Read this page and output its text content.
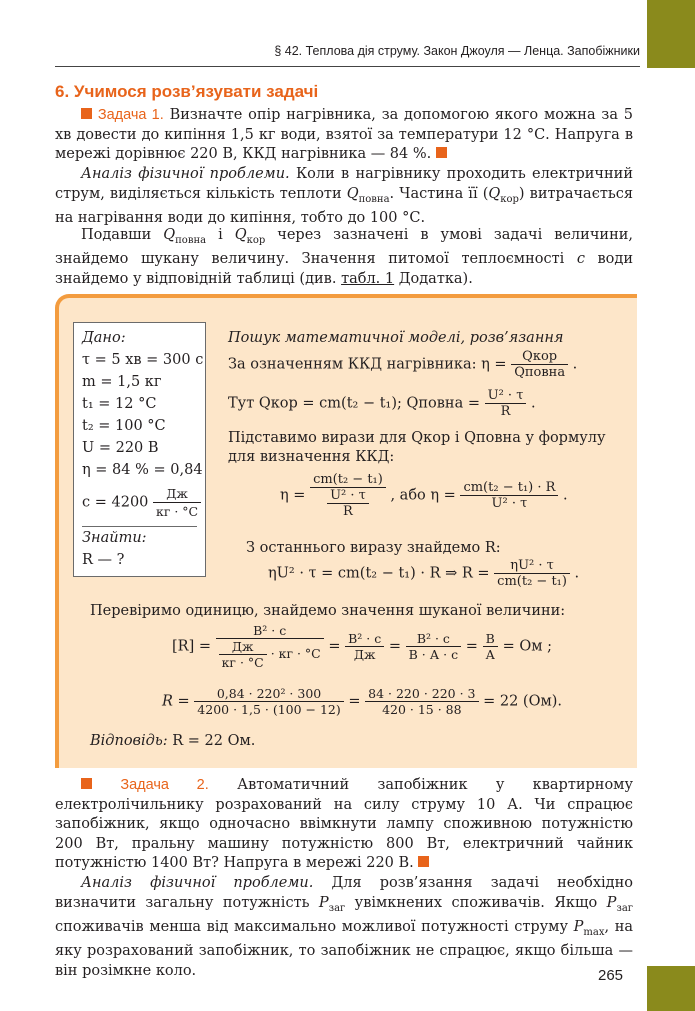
§ 42. Теплова дія струму. Закон Джоуля — Ленца. Запобіжники
6. Учимося розв’язувати задачі
Задача 1. Визначте опір нагрівника, за допомогою якого можна за 5 хв довести до кипіння 1,5 кг води, взятої за температури 12 °С. Напруга в мережі дорівнює 220 В, ККД нагрівника — 84 %.
Аналіз фізичної проблеми. Коли в нагрівнику проходить електричний струм, виділяється кількість теплоти $Q_{повна}$. Частина її $(Q_{кор})$ витрачається на нагрівання води до кипіння, тобто до 100 °С.
Подавши $Q_{повна}$ і $Q_{кор}$ через зазначені в умові задачі величини, знайдемо шукану величину. Значення питомої теплоємності c води знайдемо у відповідній таблиці (див. табл. 1 Додатка).
Дано:
τ = 5 хв = 300 с
m = 1,5 кг
t₁ = 12 °С
t₂ = 100 °С
U = 220 В
η = 84 % = 0,84
$c = 4200 \frac{Дж}{кг \cdot ^\circ С}$
Знайти:
R — ?
Пошук математичної моделі, розв’язання
За означенням ККД нагрівника: $\eta = \frac{\text{Qкор}}{\text{Qповна}}$ .
Тут Qкор = cm(t₂ − t₁); Qповна = $\frac{\text{U² · τ}}{R}$ .
Підставимо вирази для Qкор і Qповна у формулу
для визначення ККД:
$\eta = \frac{\text{cm(t₂ − t₁)}}{\frac{\text{U² · τ}}{R}}$ , або $\eta = \frac{\text{cm(t₂ − t₁) · R}}{\text{U² · τ}}$ .
З останнього виразу знайдемо R:
ηU² · τ = cm(t₂ − t₁) · R ⇒ $R = \frac{\text{ηU² · τ}}{\text{cm(t₂ − t₁)}}$ .
Перевіримо одиницю, знайдемо значення шуканої величини:
$[R] = \frac{\text{В² · с}}{\frac{Дж}{кг \cdot ^\circ С} \cdot кг \cdot ^\circ С} = \frac{\text{В² · с}}{Дж} = \frac{\text{В² · с}}{В \cdot А \cdot с} = \frac{В}{А}$ = Ом ;
$R = \frac{\text{0,84 · 220² · 300}}{4200 \cdot 1,5 \cdot (100 - 12)} = \frac{84 \cdot 220 \cdot 220 \cdot 3}{420 \cdot 15 \cdot 88} = 22$ (Ом).
Відповідь: R = 22 Ом.
Задача 2. Автоматичний запобіжник у квартирному електролічильнику розрахований на силу струму 10 А. Чи спрацює запобіжник, якщо одночасно ввімкнути лампу споживною потужністю 200 Вт, пральну машину потужністю 800 Вт, електричний чайник потужністю 1400 Вт? Напруга в мережі 220 В.
Аналіз фізичної проблеми. Для розв’язання задачі необхідно визначити загальну потужність $P_{заг}$ увімкнених споживачів. Якщо $P_{заг}$ споживачів менша від максимально можливої потужності струму $P_{max}$, на яку розрахований запобіжник, то запобіжник не спрацює, якщо більша — він розімкне коло.	265
